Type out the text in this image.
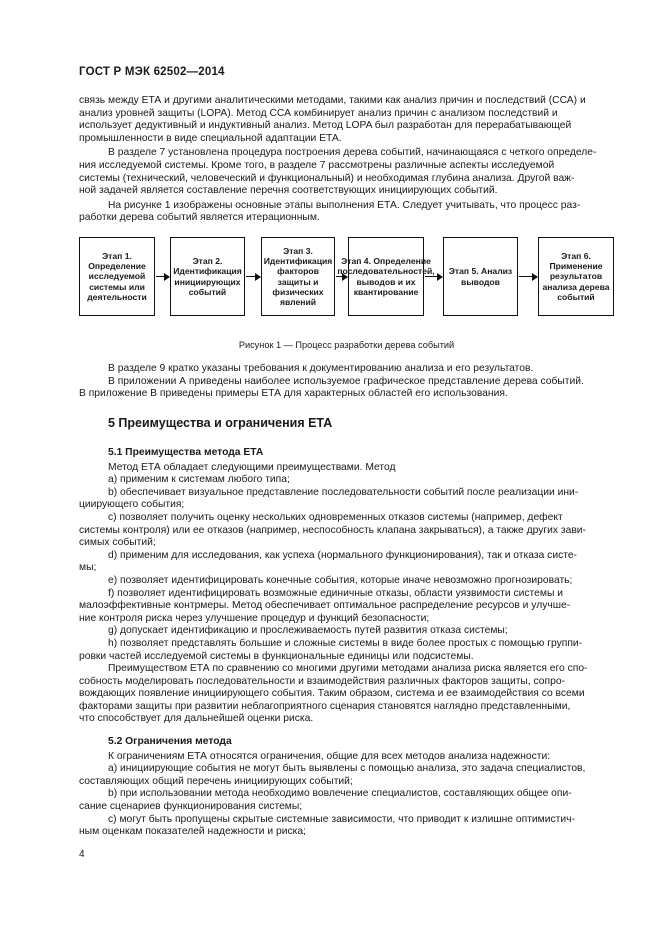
ГОСТ Р МЭК 62502—2014

связь между ЕТА и другими аналитическими методами, такими как анализ причин и последствий (ССА) и

анализ уровней защиты (LOPA). Метод ССА комбинирует анализ причин с анализом последствий и

использует дедуктивный и индуктивный анализ. Метод LOPA был разработан для перерабатывающей

промышленности в виде специальной адаптации ЕТА.

В разделе 7 установлена процедура построения дерева событий, начинающаяся с четкого определе-

ния исследуемой системы. Кроме того, в разделе 7 рассмотрены различные аспекты исследуемой

системы (технический, человеческий и функциональный) и необходимая глубина анализа. Другой важ-

ной задачей является составление перечня соответствующих инициирующих событий.

На рисунке 1 изображены основные этапы выполнения ЕТА. Следует учитывать, что процесс раз-

работки дерева событий является итерационным.

Этап 1. Определение исследуемой системы или деятельности
Этап 2. Идентификация инициирующих событий
Этап 3. Идентификация факторов защиты и физических явлений
Этап 4. Определение последовательностей, выводов и их квантирование
Этап 5. Анализ выводов
Этап 6. Применение результатов анализа дерева событий
Рисунок 1 — Процесс разработки дерева событий

В разделе 9 кратко указаны требования к документированию анализа и его результатов.

В приложении А приведены наиболее используемое графическое представление дерева событий.

В приложение В приведены примеры ЕТА для характерных областей его использования.

5 Преимущества и ограничения ЕТА
5.1 Преимущества метода ЕТА

Метод ЕТА обладает следующими преимуществами. Метод

а) применим к системам любого типа;

b) обеспечивает визуальное представление последовательности событий после реализации ини-

циирующего события;

с) позволяет получить оценку нескольких одновременных отказов системы (например, дефект

системы контроля) или ее отказов (например, неспособность клапана закрываться), а также других зави-

симых событий;

d) применим для исследования, как успеха (нормального функционирования), так и отказа систе-

мы;

е) позволяет идентифицировать конечные события, которые иначе невозможно прогнозировать;

f) позволяет идентифицировать возможные единичные отказы, области уязвимости системы и

малоэффективные контрмеры. Метод обеспечивает оптимальное распределение ресурсов и улучше-

ние контроля риска через улучшение процедур и функций безопасности;

g) допускает идентификацию и прослеживаемость путей развития отказа системы;

h) позволяет представлять большие и сложные системы в виде более простых с помощью группи-

ровки частей исследуемой системы в функциональные единицы или подсистемы.

Преимуществом ЕТА по сравнению со многими другими методами анализа риска является его спо-

собность моделировать последовательности и взаимодействия различных факторов защиты, сопро-

вождающих появление инициирующего события. Таким образом, система и ее взаимодействия со всеми

факторами защиты при развитии неблагоприятного сценария становятся наглядно представленными,

что способствует для дальнейшей оценки риска.

5.2 Ограничения метода

К ограничениям ЕТА относятся ограничения, общие для всех методов анализа надежности:

а) инициирующие события не могут быть выявлены с помощью анализа, это задача специалистов,

составляющих общий перечень инициирующих событий;

b) при использовании метода необходимо вовлечение специалистов, составляющих общее опи-

сание сценариев функционирования системы;

с) могут быть пропущены скрытые системные зависимости, что приводит к излишне оптимистич-

ным оценкам показателей надежности и риска;

4
